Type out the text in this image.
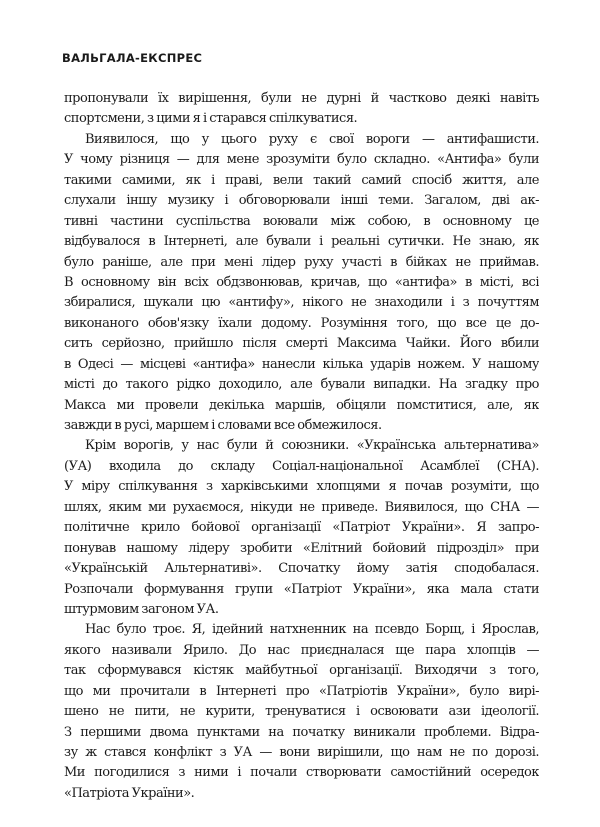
ВАЛЬГАЛА-ЕКСПРЕС
пропонували їх вирішення, були не дурні й частково деякі навіть
спортсмени, з цими я і старався спілкуватися.
Виявилося, що у цього руху є свої вороги — антифашисти.
У чому різниця — для мене зрозуміти було складно. «Антифа» були
такими самими, як і праві, вели такий самий спосіб життя, але
слухали іншу музику і обговорювали інші теми. Загалом, дві ак-
тивні частини суспільства воювали між собою, в основному це
відбувалося в Інтернеті, але бували і реальні сутички. Не знаю, як
було раніше, але при мені лідер руху участі в бійках не приймав.
В основному він всіх обдзвонював, кричав, що «антифа» в місті, всі
збиралися, шукали цю «антифу», нікого не знаходили і з почуттям
виконаного обов'язку їхали додому. Розуміння того, що все це до-
сить серйозно, прийшло після смерті Максима Чайки. Його вбили
в Одесі — місцеві «антифа» нанесли кілька ударів ножем. У нашому
місті до такого рідко доходило, але бували випадки. На згадку про
Макса ми провели декілька маршів, обіцяли помститися, але, як
завжди в русі, маршем і словами все обмежилося.
Крім ворогів, у нас були й союзники. «Українська альтернатива»
(УА) входила до складу Соціал-національної Асамблеї (СНА).
У міру спілкування з харківськими хлопцями я почав розуміти, що
шлях, яким ми рухаємося, нікуди не приведе. Виявилося, що СНА —
політичне крило бойової організації «Патріот України». Я запро-
понував нашому лідеру зробити «Елітний бойовий підрозділ» при
«Українській Альтернативі». Спочатку йому затія сподобалася.
Розпочали формування групи «Патріот України», яка мала стати
штурмовим загоном УА.
Нас було троє. Я, ідейний натхненник на псевдо Борщ, і Ярослав,
якого називали Ярило. До нас приєдналася ще пара хлопців —
так сформувався кістяк майбутньої організації. Виходячи з того,
що ми прочитали в Інтернеті про «Патріотів України», було вирі-
шено не пити, не курити, тренуватися і освоювати ази ідеології.
З першими двома пунктами на початку виникали проблеми. Відра-
зу ж стався конфлікт з УА — вони вирішили, що нам не по дорозі.
Ми погодилися з ними і почали створювати самостійний осередок
«Патріота України».
